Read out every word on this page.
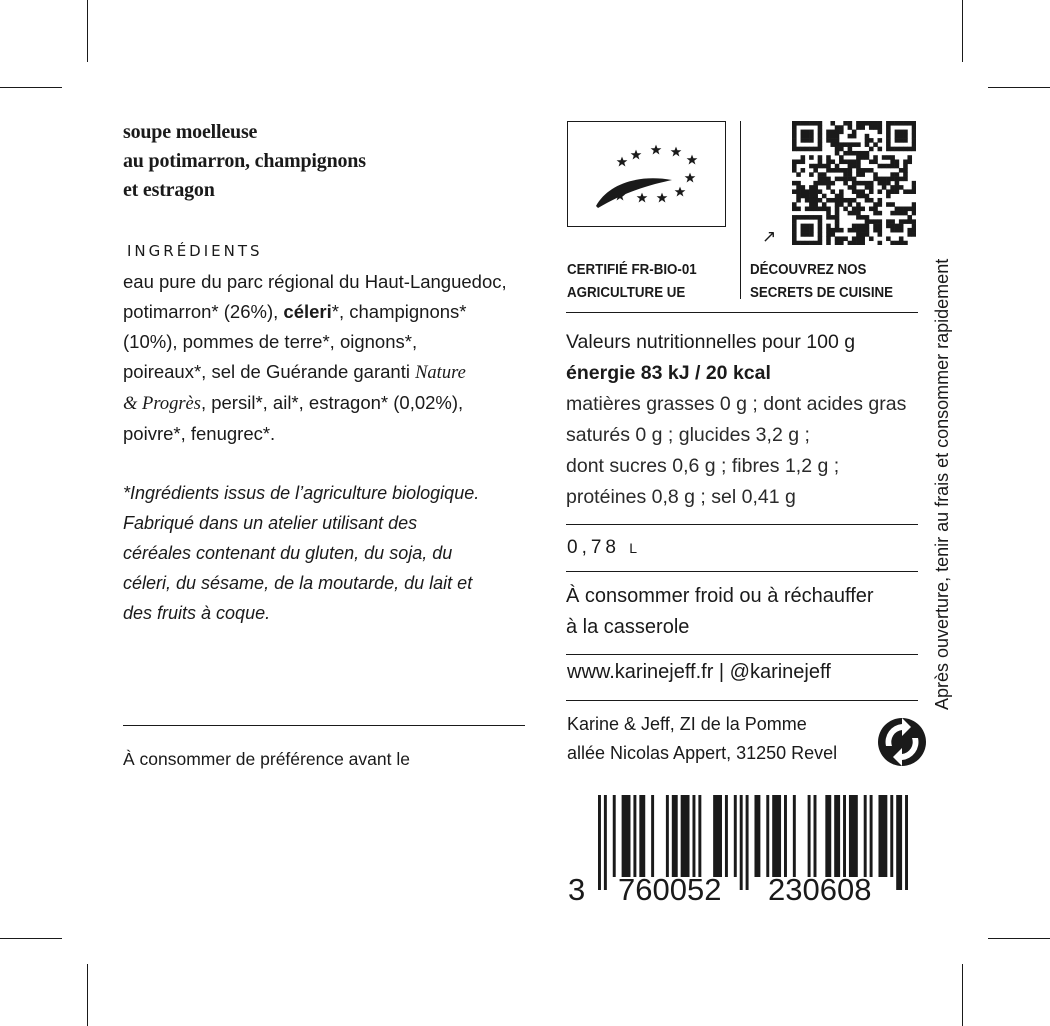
soupe moelleuse
au potimarron, champignons
et estragon
INGRÉDIENTS
eau pure du parc régional du Haut-Languedoc,
potimarron* (26%), céleri*, champignons*
(10%), pommes de terre*, oignons*,
poireaux*, sel de Guérande garanti Nature
& Progrès, persil*, ail*, estragon* (0,02%),
poivre*, fenugrec*.
*Ingrédients issus de l’agriculture biologique.
Fabriqué dans un atelier utilisant des
céréales contenant du gluten, du soja, du
céleri, du sésame, de la moutarde, du lait et
des fruits à coque.
À consommer de préférence avant le
↗
CERTIFIÉ FR-BIO-01
AGRICULTURE UE
DÉCOUVREZ NOS
SECRETS DE CUISINE
Valeurs nutritionnelles pour 100 g
énergie 83 kJ / 20 kcal
matières grasses 0 g ; dont acides gras
saturés 0 g ; glucides 3,2 g ;
dont sucres 0,6 g ; fibres 1,2 g ;
protéines 0,8 g ; sel 0,41 g
0,78 L
À consommer froid ou à réchauffer
à la casserole
www.karinejeff.fr | @karinejeff
Karine & Jeff, ZI de la Pomme
allée Nicolas Appert, 31250 Revel
Après ouverture, tenir au frais et consommer rapidement
3 760052 230608
